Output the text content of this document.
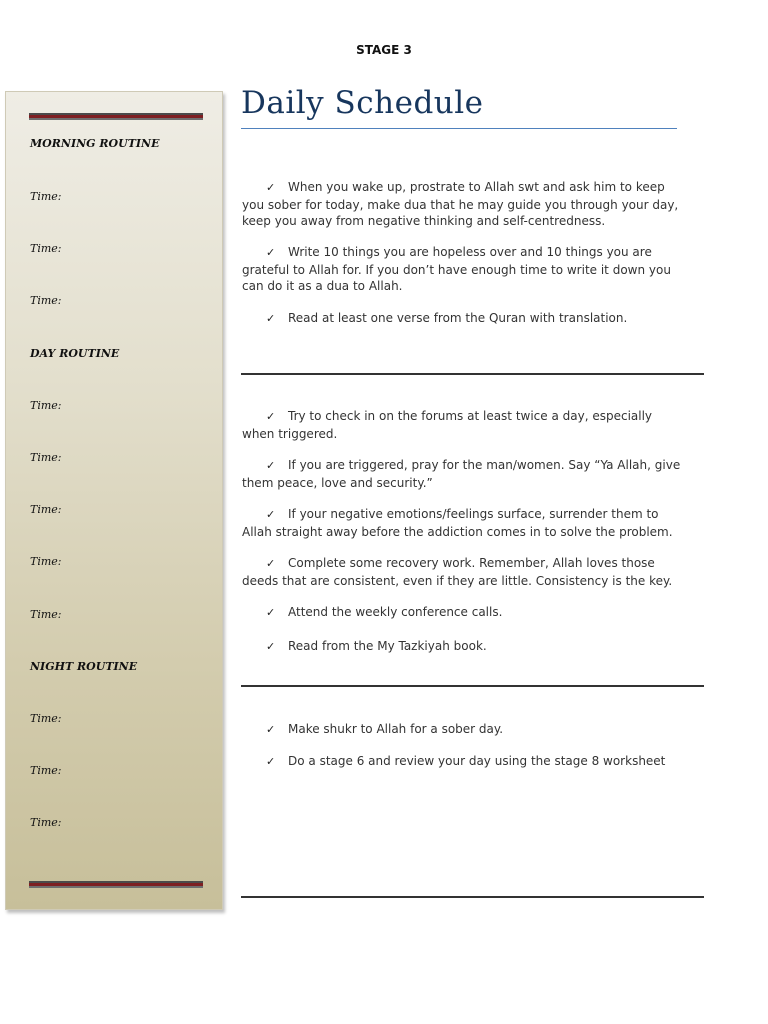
STAGE 3
MORNING ROUTINE
Time:
Time:
Time:
DAY ROUTINE
Time:
Time:
Time:
Time:
Time:
NIGHT ROUTINE
Time:
Time:
Time:
Daily Schedule
✓ When you wake up, prostrate to Allah swt and ask him to keep you sober for today, make dua that he may guide you through your day, keep you away from negative thinking and self-centredness.
✓ Write 10 things you are hopeless over and 10 things you are grateful to Allah for. If you don’t have enough time to write it down you can do it as a dua to Allah.
✓ Read at least one verse from the Quran with translation.
✓ Try to check in on the forums at least twice a day, especially when triggered.
✓ If you are triggered, pray for the man/women. Say “Ya Allah, give them peace, love and security.”
✓ If your negative emotions/feelings surface, surrender them to Allah straight away before the addiction comes in to solve the problem.
✓ Complete some recovery work. Remember, Allah loves those deeds that are consistent, even if they are little. Consistency is the key.
✓ Attend the weekly conference calls.
✓ Read from the My Tazkiyah book.
✓ Make shukr to Allah for a sober day.
✓ Do a stage 6 and review your day using the stage 8 worksheet
